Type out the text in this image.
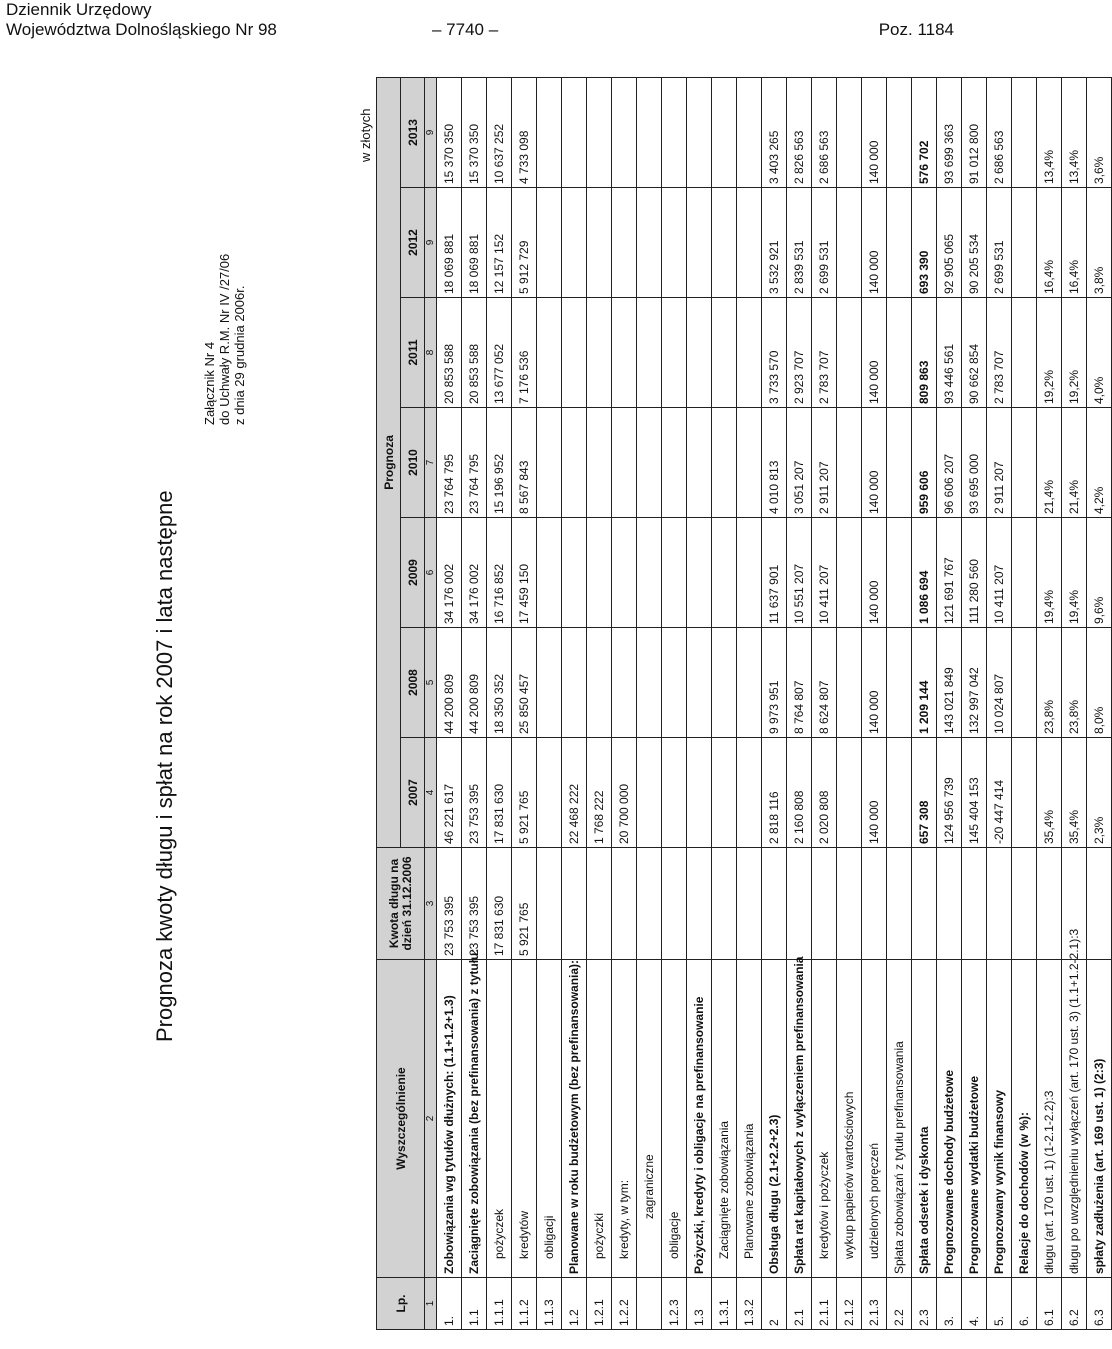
Dziennik Urzędowy
Województwa Dolnośląskiego Nr 98	– 7740 –	Poz. 1184
Prognoza kwoty długu i spłat na rok 2007 i lata następne
Załącznik Nr 4 do Uchwały R.M. Nr IV /27/06 z dnia 29 grudnia 2006r.
w złotych
Lp.	Wyszczególnienie	Kwota długu na dzień 31.12.2006	Prognoza						
			2007	2008	2009	2010	2011	2012	2013
1	2	3	4	5	6	7	8	9	9
1.	Zobowiązania wg tytułów dłużnych: (1.1+1.2+1.3)	23 753 395	46 221 617	44 200 809	34 176 002	23 764 795	20 853 588	18 069 881	15 370 350
1.1	Zaciągnięte zobowiązania (bez prefinansowania) z tytułu:	23 753 395	23 753 395	44 200 809	34 176 002	23 764 795	20 853 588	18 069 881	15 370 350
1.1.1	pożyczek	17 831 630	17 831 630	18 350 352	16 716 852	15 196 952	13 677 052	12 157 152	10 637 252
1.1.2	kredytów	5 921 765	5 921 765	25 850 457	17 459 150	8 567 843	7 176 536	5 912 729	4 733 098
1.1.3	obligacji								
1.2	Planowane w roku budżetowym (bez prefinansowania):		22 468 222						
1.2.1	pożyczki		1 768 222						
1.2.2	kredyty, w tym:		20 700 000						
	zagraniczne								
1.2.3	obligacje								
1.3	Pożyczki, kredyty i obligacje na prefinansowanie								
1.3.1	Zaciągnięte zobowiązania								
1.3.2	Planowane zobowiązania								
2	Obsługa długu (2.1+2.2+2.3)		2 818 116	9 973 951	11 637 901	4 010 813	3 733 570	3 532 921	3 403 265
2.1	Spłata rat kapitałowych z wyłączeniem prefinansowania		2 160 808	8 764 807	10 551 207	3 051 207	2 923 707	2 839 531	2 826 563
2.1.1	kredytów i pożyczek		2 020 808	8 624 807	10 411 207	2 911 207	2 783 707	2 699 531	2 686 563
2.1.2	wykup papierów wartościowych								
2.1.3	udzielonych poręczeń		140 000	140 000	140 000	140 000	140 000	140 000	140 000
2.2	Spłata zobowiązań z tytułu prefinansowania								
2.3	Spłata odsetek i dyskonta		657 308	1 209 144	1 086 694	959 606	809 863	693 390	576 702
3.	Prognozowane dochody budżetowe		124 956 739	143 021 849	121 691 767	96 606 207	93 446 561	92 905 065	93 699 363
4.	Prognozowane wydatki budżetowe		145 404 153	132 997 042	111 280 560	93 695 000	90 662 854	90 205 534	91 012 800
5.	Prognozowany wynik finansowy		-20 447 414	10 024 807	10 411 207	2 911 207	2 783 707	2 699 531	2 686 563
6.	Relacje do dochodów (w %):								
6.1	długu (art. 170 ust. 1) (1-2.1-2.2):3		35,4%	23,8%	19,4%	21,4%	19,2%	16,4%	13,4%
6.2	długu po uwzględnieniu wyłączeń (art. 170 ust. 3) (1.1+1.2-2.1):3		35,4%	23,8%	19,4%	21,4%	19,2%	16,4%	13,4%
6.3	spłaty zadłużenia (art. 169 ust. 1) (2:3)		2,3%	8,0%	9,6%	4,2%	4,0%	3,8%	3,6%
